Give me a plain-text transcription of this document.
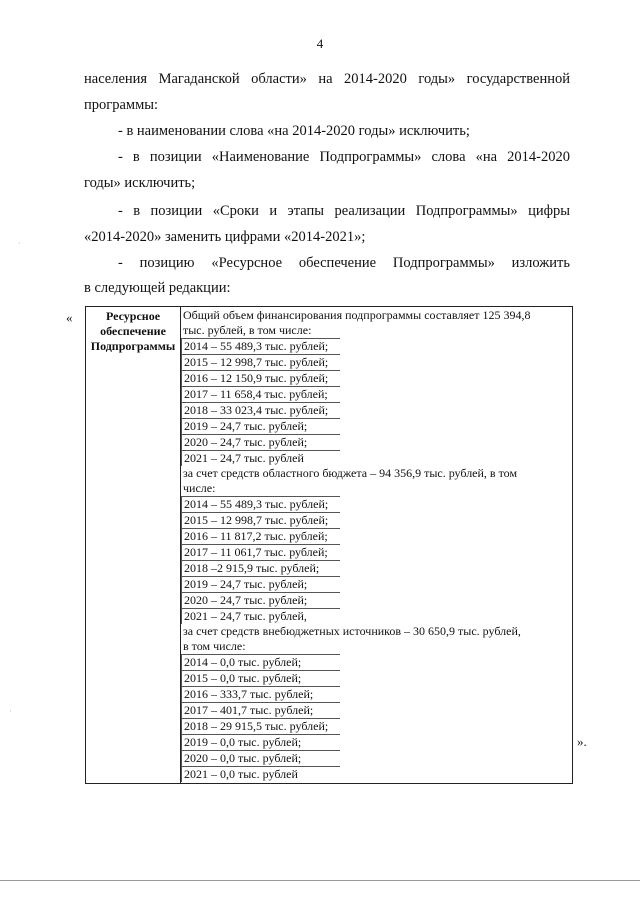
4
населения Магаданской области» на 2014-2020 годы» государственной
программы:
- в наименовании слова «на 2014-2020 годы» исключить;
- в позиции «Наименование Подпрограммы» слова «на 2014-2020
годы» исключить;
- в позиции «Сроки и этапы реализации Подпрограммы» цифры
«2014-2020» заменить цифрами «2014-2021»;
- позицию «Ресурсное обеспечение Подпрограммы» изложить
в следующей редакции:
«	Ресурсное
обеспечение
Подпрограммы

Общий объем финансирования подпрограммы составляет 125 394,8
тыс. рублей, в том числе:
2014 – 55 489,3 тыс. рублей;
2015 – 12 998,7 тыс. рублей;
2016 – 12 150,9 тыс. рублей;
2017 – 11 658,4 тыс. рублей;
2018 – 33 023,4 тыс. рублей;
2019 – 24,7 тыс. рублей;
2020 – 24,7 тыс. рублей;
2021 – 24,7 тыс. рублей
за счет средств областного бюджета – 94 356,9 тыс. рублей, в том
числе:
2014 – 55 489,3 тыс. рублей;
2015 – 12 998,7 тыс. рублей;
2016 – 11 817,2 тыс. рублей;
2017 – 11 061,7 тыс. рублей;
2018 –2 915,9 тыс. рублей;
2019 – 24,7 тыс. рублей;
2020 – 24,7 тыс. рублей;
2021 – 24,7 тыс. рублей,
за счет средств внебюджетных источников – 30 650,9 тыс. рублей,
в том числе:
2014 – 0,0 тыс. рублей;
2015 – 0,0 тыс. рублей;
2016 – 333,7 тыс. рублей;
2017 – 401,7 тыс. рублей;
2018 – 29 915,5 тыс. рублей;
2019 – 0,0 тыс. рублей;
2020 – 0,0 тыс. рублей;
2021 – 0,0 тыс. рублей
».
·
·
